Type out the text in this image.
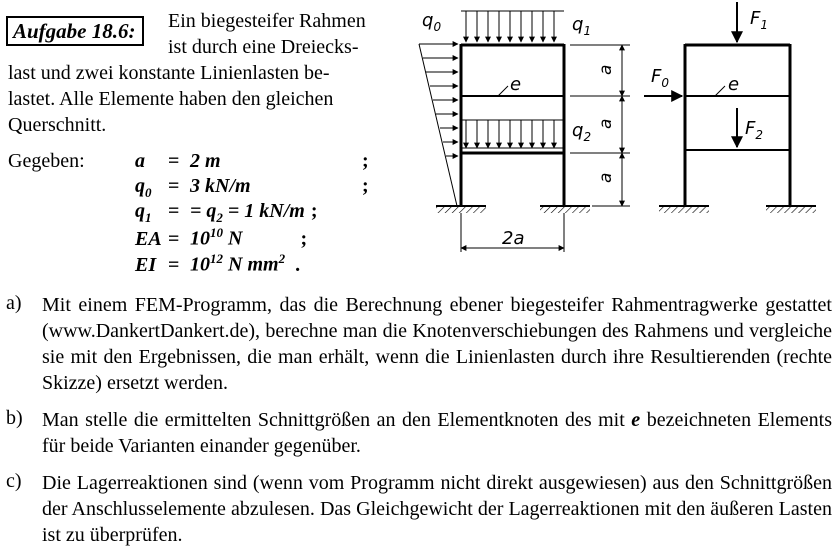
Aufgabe 18.6:	Ein biegesteifer Rahmen
ist durch eine Dreiecks-
last und zwei konstante Linienlasten be-
lastet. Alle Elemente haben den gleichen
Querschnitt.
Gegeben:	a = 2 m	;
$q_0 = 3$ kN/m	;
$q_1$ = = $q_2 = 1$ kN/m ;
EA = $10^{10}$ N	;
EI = $10^{12}$ N $mm^2$ .
$q_0$	$q_1$
$q_2$
e
a
a
a
2a
$F_1$
$F_0$
$F_2$
e
a) Mit einem FEM-Programm, das die Berechnung ebener biegesteifer Rahmentragwerke gestattet (www.DankertDankert.de), berechne man die Knotenverschiebungen des Rahmens und vergleiche sie mit den Ergebnissen, die man erhält, wenn die Linienlasten durch ihre Resultierenden (rechte Skizze) ersetzt werden.
b) Man stelle die ermittelten Schnittgrößen an den Elementknoten des mit e bezeichneten Elements für beide Varianten einander gegenüber.
c) Die Lagerreaktionen sind (wenn vom Programm nicht direkt ausgewiesen) aus den Schnittgrößen der Anschlusselemente abzulesen. Das Gleichgewicht der Lagerreaktionen mit den äußeren Lasten ist zu überprüfen.
